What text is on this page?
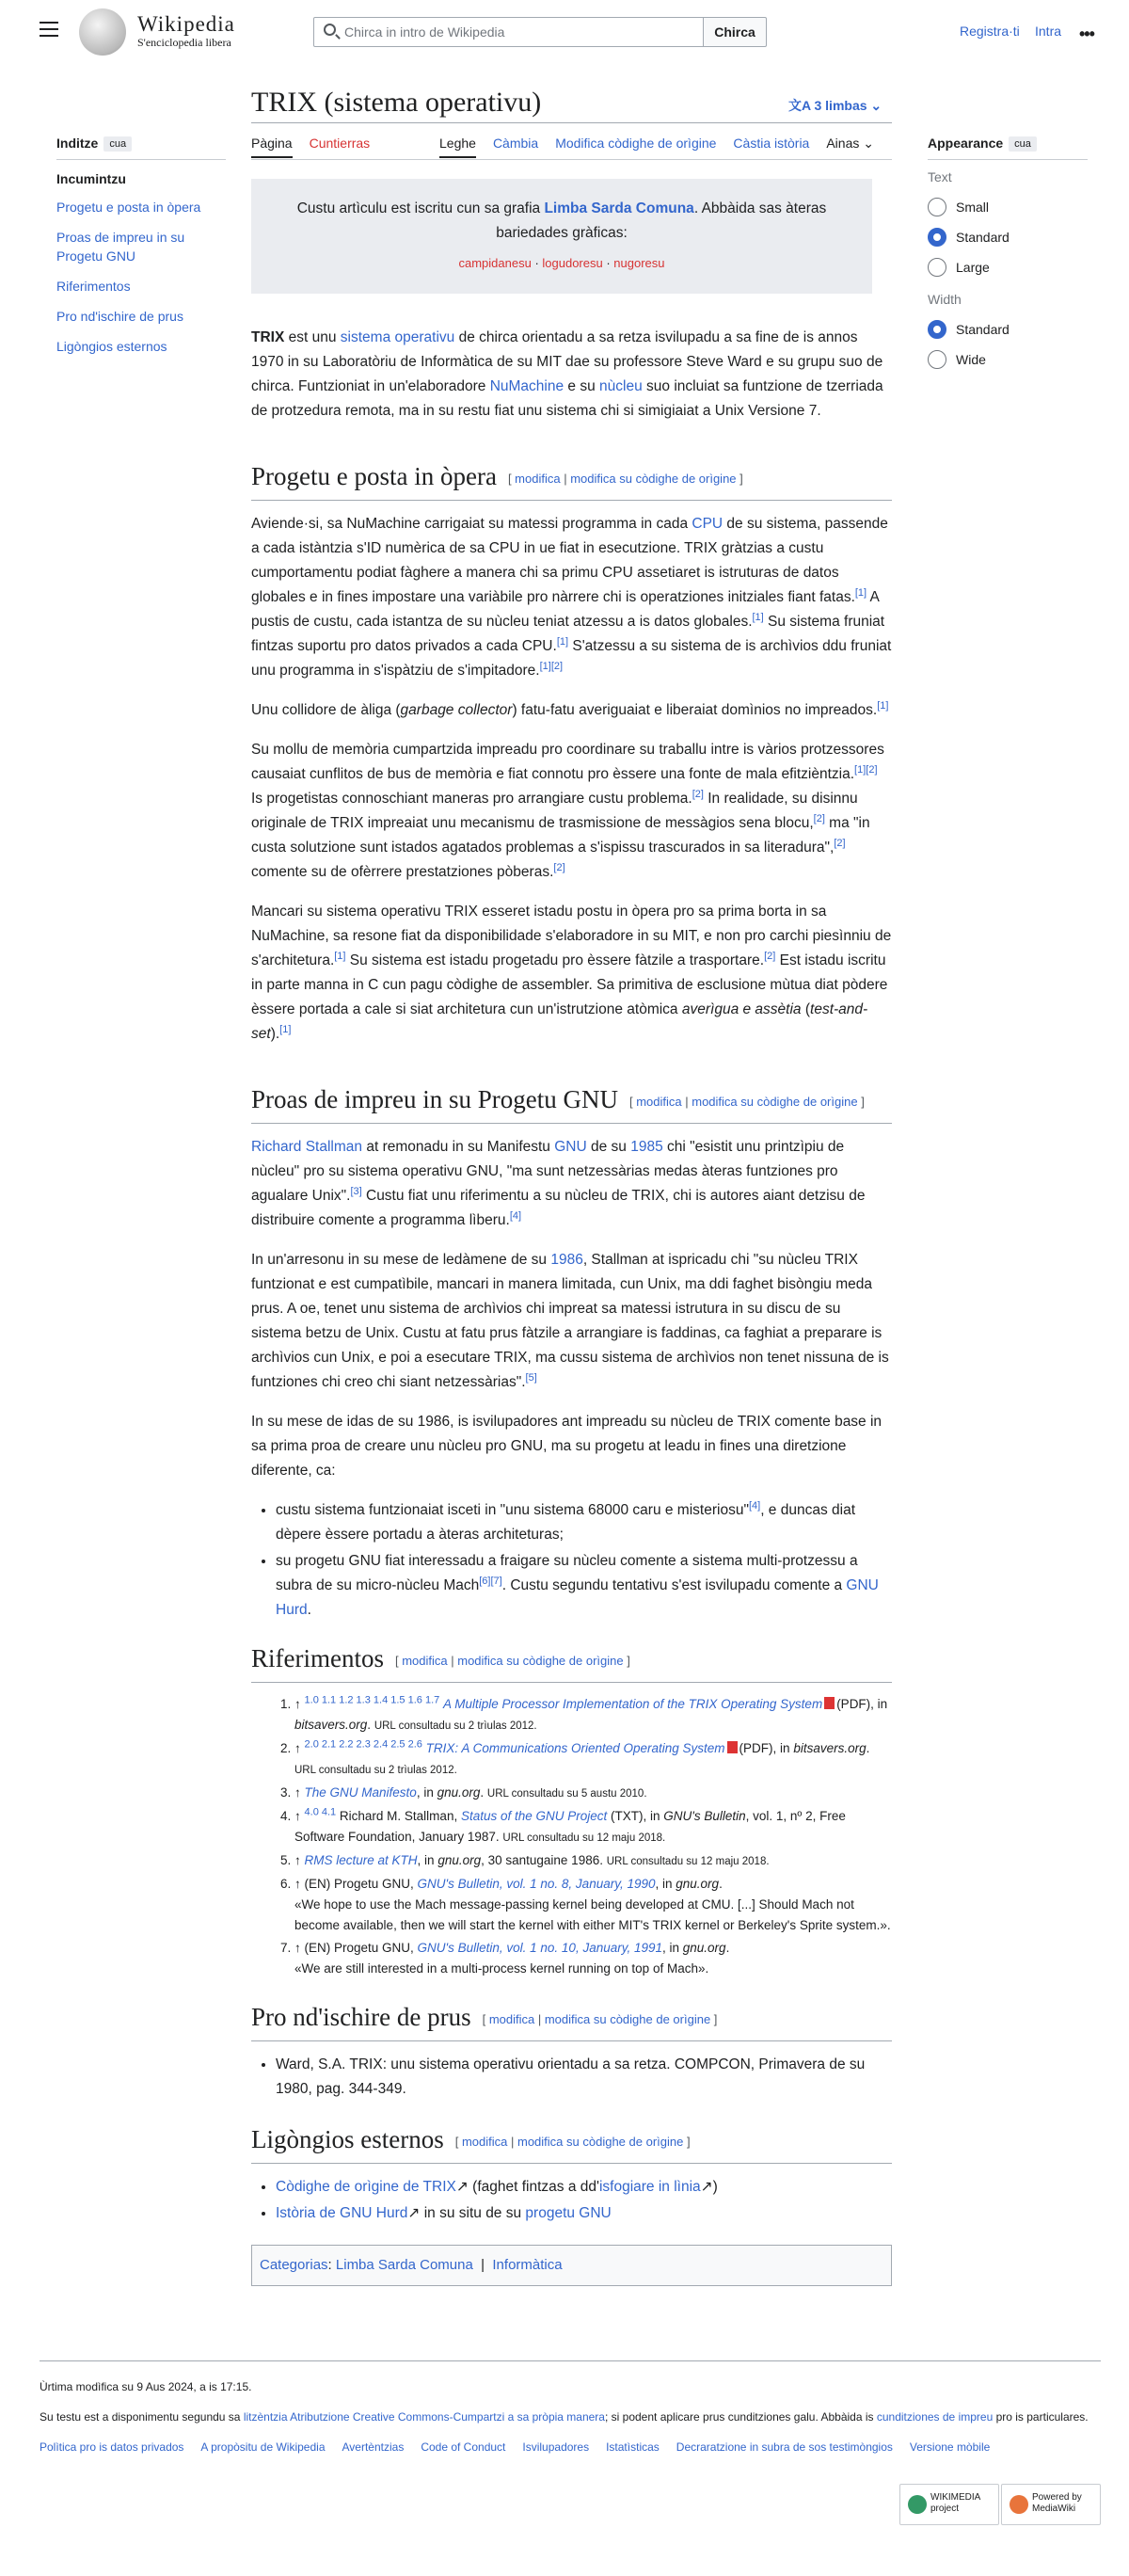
Wikipedia
S'enciclopedia libera
Chirca in intro de Wikipedia	Chirca	Registra·ti Intra •••
TRIX (sistema operativu)	文A 3 limbas ⌄
Pàgina Cuntierras	Leghe Càmbia Modifica còdighe de orìgine Càstia istòria Ainas ⌄
Inditze cua
Incumintzu
Progetu e posta in òpera
Proas de impreu in su Progetu GNU
Riferimentos
Pro nd'ischire de prus
Ligòngios esternos
Appearance cua
Text
Small
Standard
Large
Width
Standard
Wide
Custu artìculu est iscritu cun sa grafia Limba Sarda Comuna. Abbàida sas àteras bariedades gràficas:
campidanesu · logudoresu · nugoresu

TRIX est unu sistema operativu de chirca orientadu a sa retza isvilupadu a sa fine de is annos 1970 in su Laboratòriu de Informàtica de su MIT dae su professore Steve Ward e su grupu suo de chirca. Funtzioniat in un'elaboradore NuMachine e su nùcleu suo incluiat sa funtzione de tzerriada de protzedura remota, ma in su restu fiat unu sistema chi si simigiaiat a Unix Versione 7.

Progetu e posta in òpera [ modifica | modifica su còdighe de orìgine ]

Aviende·si, sa NuMachine carrigaiat su matessi programma in cada CPU de su sistema, passende a cada istàntzia s'ID numèrica de sa CPU in ue fiat in esecutzione. TRIX gràtzias a custu cumportamentu podiat fàghere a manera chi sa primu CPU assetiaret is istruturas de datos globales e in fines impostare una variàbile pro nàrrere chi is operatziones initziales fiant fatas.[1] A pustis de custu, cada istantza de su nùcleu teniat atzessu a is datos globales.[1] Su sistema fruniat fintzas suportu pro datos privados a cada CPU.[1] S'atzessu a su sistema de is archìvios ddu fruniat unu programma in s'ispàtziu de s'impitadore.[1][2]

Unu collidore de àliga (garbage collector) fatu-fatu averiguaiat e liberaiat domìnios no impreados.[1]

Su mollu de memòria cumpartzida impreadu pro coordinare su traballu intre is vàrios protzessores causaiat cunflitos de bus de memòria e fiat connotu pro èssere una fonte de mala efitzièntzia.[1][2] Is progetistas connoschiant maneras pro arrangiare custu problema.[2] In realidade, su disinnu originale de TRIX impreaiat unu mecanismu de trasmissione de messàgios sena blocu,[2] ma "in custa solutzione sunt istados agatados problemas a s'ispissu trascurados in sa literadura",[2] comente su de ofèrrere prestatziones pòberas.[2]

Mancari su sistema operativu TRIX esseret istadu postu in òpera pro sa prima borta in sa NuMachine, sa resone fiat da disponibilidade s'elaboradore in su MIT, e non pro carchi piesìnniu de s'architetura.[1] Su sistema est istadu progetadu pro èssere fàtzile a trasportare.[2] Est istadu iscritu in parte manna in C cun pagu còdighe de assembler. Sa primitiva de esclusione mùtua diat pòdere èssere portada a cale si siat architetura cun un'istrutzione atòmica averìgua e assètia (test-and-set).[1]

Proas de impreu in su Progetu GNU [ modifica | modifica su còdighe de orìgine ]

Richard Stallman at remonadu in su Manifestu GNU de su 1985 chi "esistit unu printzìpiu de nùcleu" pro su sistema operativu GNU, "ma sunt netzessàrias medas àteras funtziones pro agualare Unix".[3] Custu fiat unu riferimentu a su nùcleu de TRIX, chi is autores aiant detzisu de distribuire comente a programma lìberu.[4]

In un'arresonu in su mese de ledàmene de su 1986, Stallman at ispricadu chi "su nùcleu TRIX funtzionat e est cumpatìbile, mancari in manera limitada, cun Unix, ma ddi faghet bisòngiu meda prus. A oe, tenet unu sistema de archìvios chi impreat sa matessi istrutura in su discu de su sistema betzu de Unix. Custu at fatu prus fàtzile a arrangiare is faddinas, ca faghiat a preparare is archìvios cun Unix, e poi a esecutare TRIX, ma cussu sistema de archìvios non tenet nissuna de is funtziones chi creo chi siant netzessàrias".[5]

In su mese de idas de su 1986, is isvilupadores ant impreadu su nùcleu de TRIX comente base in sa prima proa de creare unu nùcleu pro GNU, ma su progetu at leadu in fines una diretzione diferente, ca:

• custu sistema funtzionaiat isceti in "unu sistema 68000 caru e misteriosu"[4], e duncas diat dèpere èssere portadu a àteras architeturas;
• su progetu GNU fiat interessadu a fraigare su nùcleu comente a sistema multi-protzessu a subra de su micro-nùcleu Mach[6][7]. Custu segundu tentativu s'est isvilupadu comente a GNU Hurd.
Riferimentos [ modifica | modifica su còdighe de orìgine ]
1. ↑ $^{1.0 1.1 1.2 1.3 1.4 1.5 1.6 1.7}$ A Multiple Processor Implementation of the TRIX Operating System (PDF), in bitsavers.org. URL consultadu su 2 trìulas 2012.
2. ↑ $^{2.0 2.1 2.2 2.3 2.4 2.5 2.6}$ TRIX: A Communications Oriented Operating System (PDF), in bitsavers.org. URL consultadu su 2 trìulas 2012.
3. ↑ The GNU Manifesto, in gnu.org. URL consultadu su 5 austu 2010.
4. ↑ $^{4.0 4.1}$ Richard M. Stallman, Status of the GNU Project (TXT), in GNU's Bulletin, vol. 1, nº 2, Free Software Foundation, January 1987. URL consultadu su 12 maju 2018.
5. ↑ RMS lecture at KTH, in gnu.org, 30 santugaine 1986. URL consultadu su 12 maju 2018.
6. ↑ (EN) Progetu GNU, GNU's Bulletin, vol. 1 no. 8, January, 1990, in gnu.org.
«We hope to use the Mach message-passing kernel being developed at CMU. [...] Should Mach not become available, then we will start the kernel with either MIT's TRIX kernel or Berkeley's Sprite system.».
7. ↑ (EN) Progetu GNU, GNU's Bulletin, vol. 1 no. 10, January, 1991, in gnu.org.
«We are still interested in a multi-process kernel running on top of Mach».
Pro nd'ischire de prus [ modifica | modifica su còdighe de orìgine ]
• Ward, S.A. TRIX: unu sistema operativu orientadu a sa retza. COMPCON, Primavera de su 1980, pag. 344-349.
Ligòngios esternos [ modifica | modifica su còdighe de orìgine ]
• Còdighe de orìgine de TRIX↗ (faghet fintzas a dd'isfogiare in lìnia↗)
• Istòria de GNU Hurd↗ in su situ de su progetu GNU
Categorias: Limba Sarda Comuna  |  Informàtica

Ùrtima modìfica su 9 Aus 2024, a is 17:15.

Su testu est a disponimentu segundu sa litzèntzia Atributzione Creative Commons-Cumpartzi a sa pròpia manera; si podent aplicare prus cunditziones galu. Abbàida is cunditziones de impreu pro is particulares.

Polìtica pro is datos privados A propòsitu de Wikipedia Avertèntzias Code of Conduct Isvilupadores Istatìsticas Decraratzione in subra de sos testimòngios Versione mòbile
WIKIMEDIA project
Powered by MediaWiki
